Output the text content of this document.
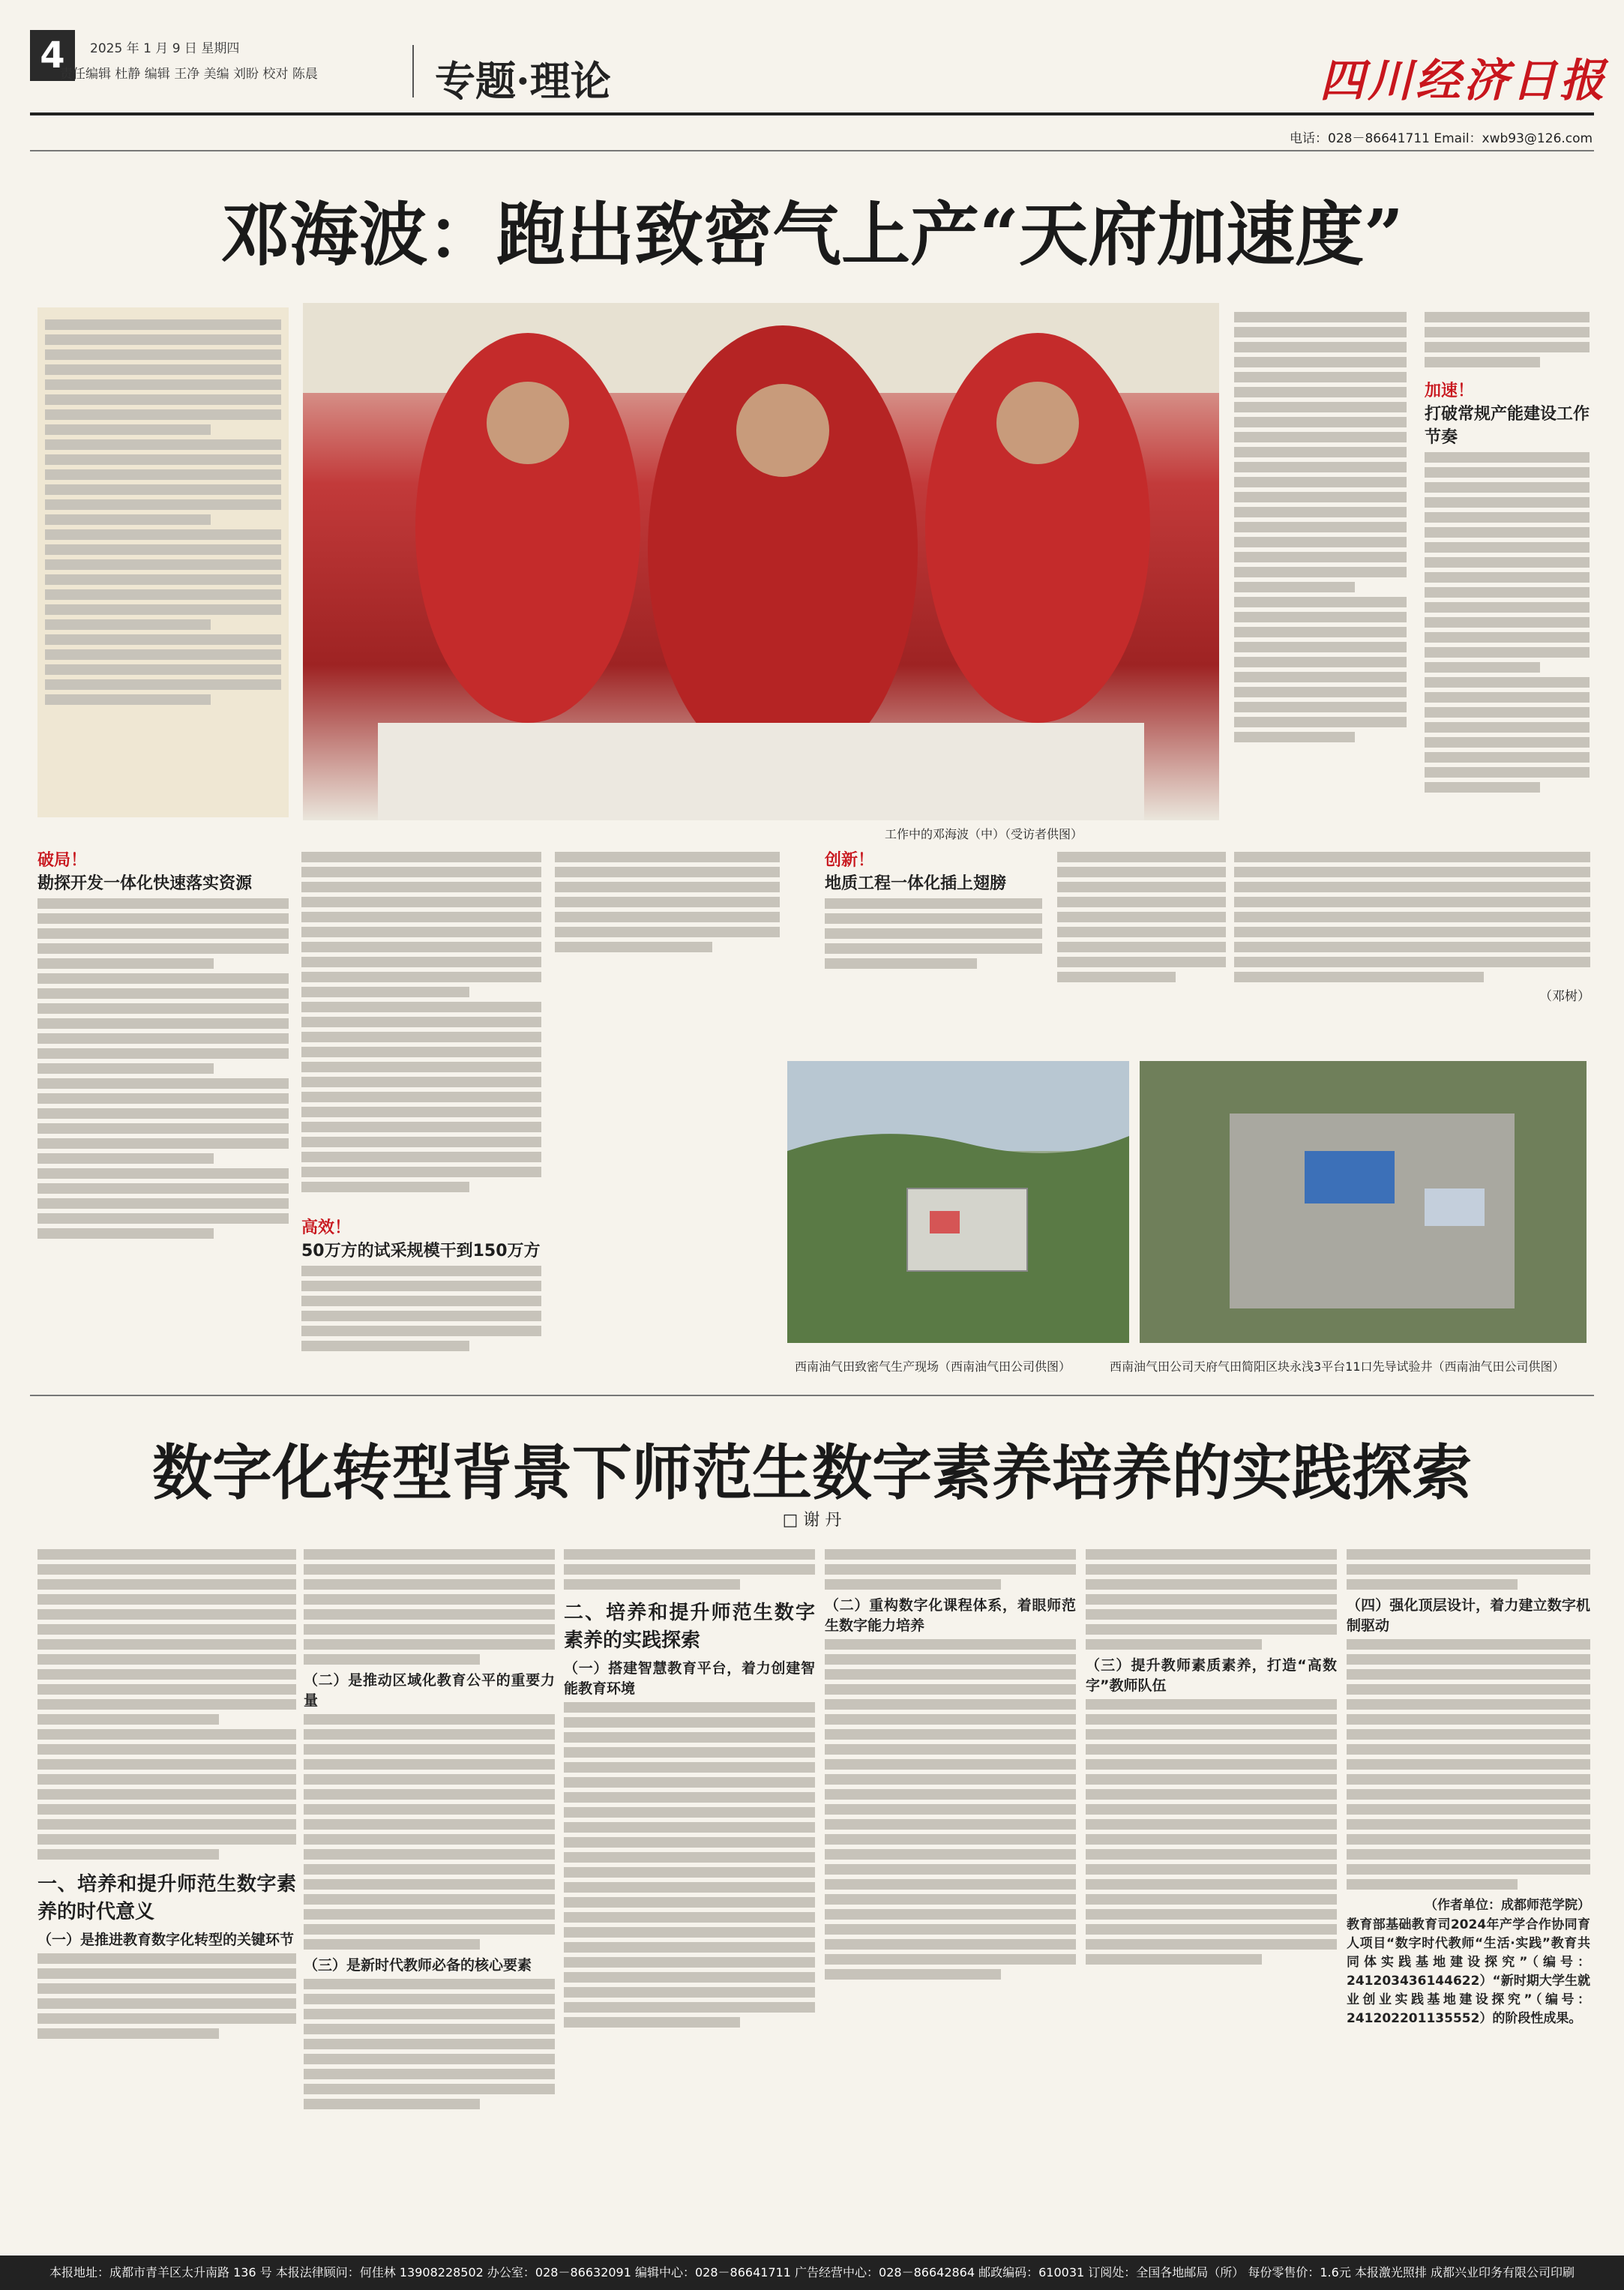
4	2025 年 1 月 9 日 星期四
责任编辑 杜静 编辑 王净 美编 刘盼 校对 陈晨	专题·理论	四川经济日报
电话：028－86641711 Email：xwb93@126.com
邓海波：跑出致密气上产“天府加速度”
工作中的邓海波（中）（受访者供图）
加速！
打破常规产能建设工作节奏
破局！
勘探开发一体化快速落实资源
高效！
50万方的试采规模干到150万方
创新！
地质工程一体化插上翅膀
（邓树）
西南油气田致密气生产现场（西南油气田公司供图）	西南油气田公司天府气田简阳区块永浅3平台11口先导试验井（西南油气田公司供图）
数字化转型背景下师范生数字素养培养的实践探索
□ 谢 丹
一、培养和提升师范生数字素养的时代意义
（一）是推进教育数字化转型的关键环节
（二）是推动区域化教育公平的重要力量
（三）是新时代教师必备的核心要素
二、培养和提升师范生数字素养的实践探索
（一）搭建智慧教育平台，着力创建智能教育环境
（二）重构数字化课程体系，着眼师范生数字能力培养
（三）提升教师素质素养，打造“高数字”教师队伍
（四）强化顶层设计，着力建立数字机制驱动
（作者单位：成都师范学院）
教育部基础教育司2024年产学合作协同育人项目“数字时代教师“生活·实践”教育共同体实践基地建设探究”（编号：241203436144622）“新时期大学生就业创业实践基地建设探究”（编号：241202201135552）的阶段性成果。
本报地址：成都市青羊区太升南路 136 号 本报法律顾问：何佳林 13908228502 办公室：028－86632091 编辑中心：028－86641711 广告经营中心：028－86642864 邮政编码：610031 订阅处：全国各地邮局（所） 每份零售价：1.6元 本报激光照排 成都兴业印务有限公司印刷
